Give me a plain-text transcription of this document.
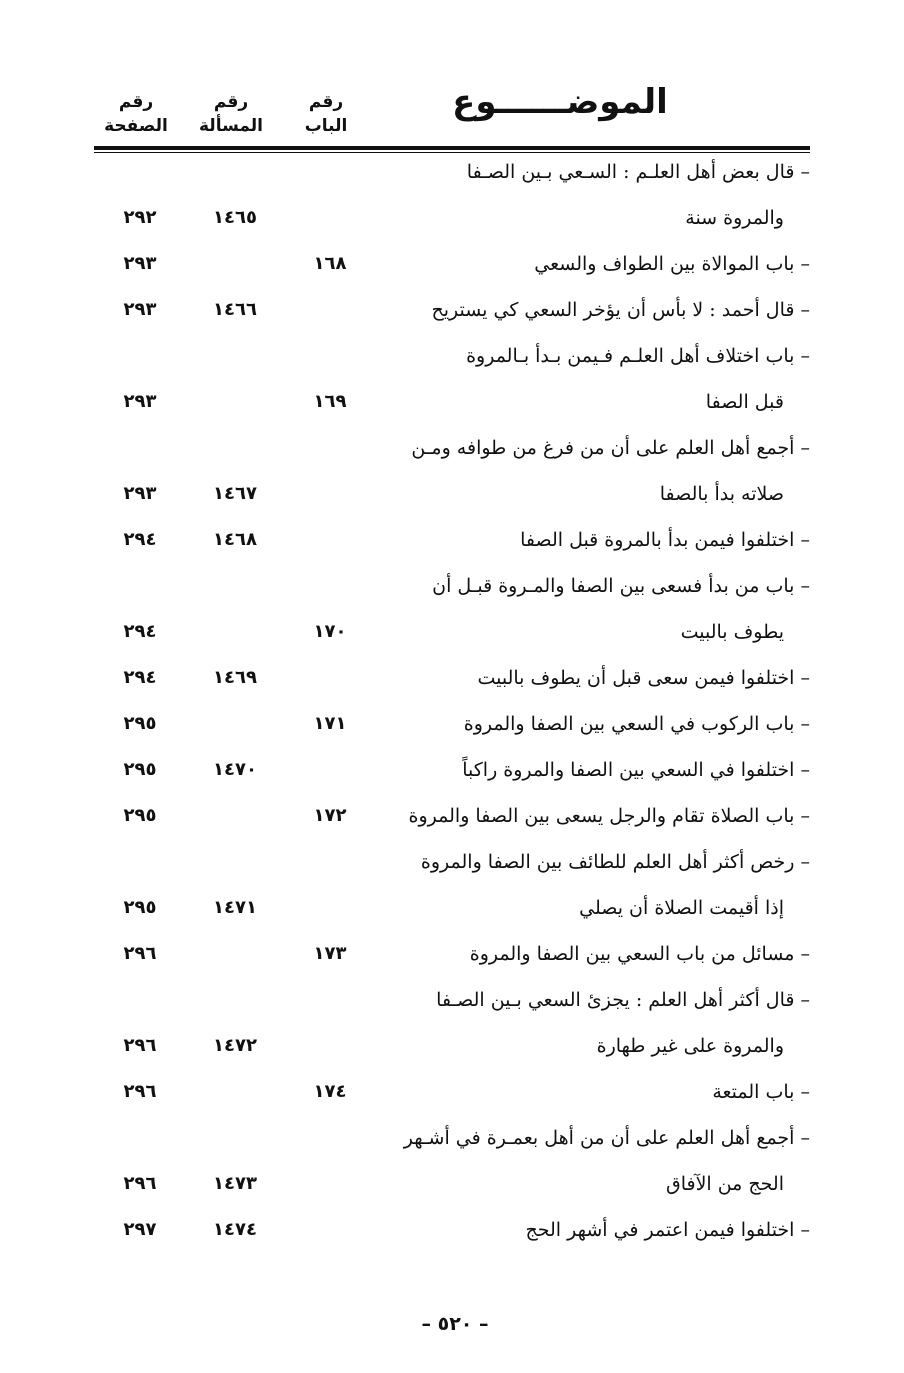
الموضــــــوع
رقم
الباب
رقم
المسألة
رقم
الصفحة
– قال بعض أهل العلـم : السـعي بـين الصـفا
والمروة سنة
١٤٦٥
٢٩٢
– باب الموالاة بين الطواف والسعي
١٦٨
٢٩٣
– قال أحمد : لا بأس أن يؤخر السعي كي يستريح
١٤٦٦
٢٩٣
– باب اختلاف أهل العلـم فـيمن بـدأ بـالمروة
قبل الصفا
١٦٩
٢٩٣
– أجمع أهل العلم على أن من فرغ من طوافه ومـن
صلاته بدأ بالصفا
١٤٦٧
٢٩٣
– اختلفوا فيمن بدأ بالمروة قبل الصفا
١٤٦٨
٢٩٤
– باب من بدأ فسعى بين الصفا والمـروة قبـل أن
يطوف بالبيت
١٧٠
٢٩٤
– اختلفوا فيمن سعى قبل أن يطوف بالبيت
١٤٦٩
٢٩٤
– باب الركوب في السعي بين الصفا والمروة
١٧١
٢٩٥
– اختلفوا في السعي بين الصفا والمروة راكباً
١٤٧٠
٢٩٥
– باب الصلاة تقام والرجل يسعى بين الصفا والمروة
١٧٢
٢٩٥
– رخص أكثر أهل العلم للطائف بين الصفا والمروة
إذا أقيمت الصلاة أن يصلي
١٤٧١
٢٩٥
– مسائل من باب السعي بين الصفا والمروة
١٧٣
٢٩٦
– قال أكثر أهل العلم : يجزئ السعي بـين الصـفا
والمروة على غير طهارة
١٤٧٢
٢٩٦
– باب المتعة
١٧٤
٢٩٦
– أجمع أهل العلم على أن من أهل بعمـرة في أشـهر
الحج من الآفاق
١٤٧٣
٢٩٦
– اختلفوا فيمن اعتمر في أشهر الحج
١٤٧٤
٢٩٧
– ٥٢٠ –
